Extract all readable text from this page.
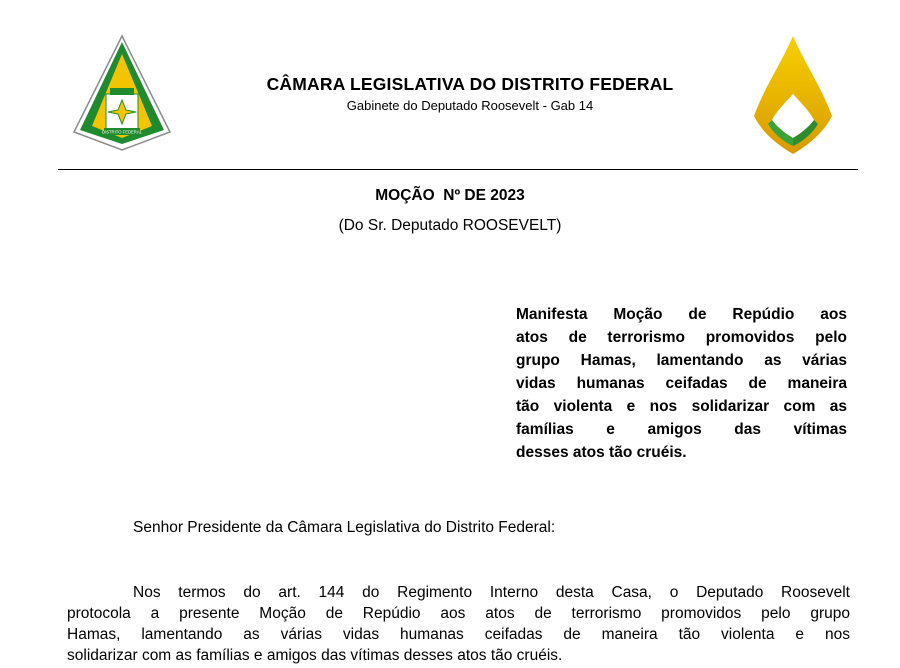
DISTRITO FEDERAL
CÂMARA LEGISLATIVA DO DISTRITO FEDERAL
Gabinete do Deputado Roosevelt - Gab 14
MOÇÃO  Nº DE 2023
(Do Sr. Deputado ROOSEVELT)
Manifesta Moção de Repúdio aos
atos de terrorismo promovidos pelo
grupo Hamas, lamentando as várias
vidas humanas ceifadas de maneira
tão violenta e nos solidarizar com as
famílias e amigos das vítimas
desses atos tão cruéis.
Senhor Presidente da Câmara Legislativa do Distrito Federal:
Nos termos do art. 144 do Regimento Interno desta Casa, o Deputado Roosevelt
protocola a presente Moção de Repúdio aos atos de terrorismo promovidos pelo grupo
Hamas, lamentando as várias vidas humanas ceifadas de maneira tão violenta e nos
solidarizar com as famílias e amigos das vítimas desses atos tão cruéis.
